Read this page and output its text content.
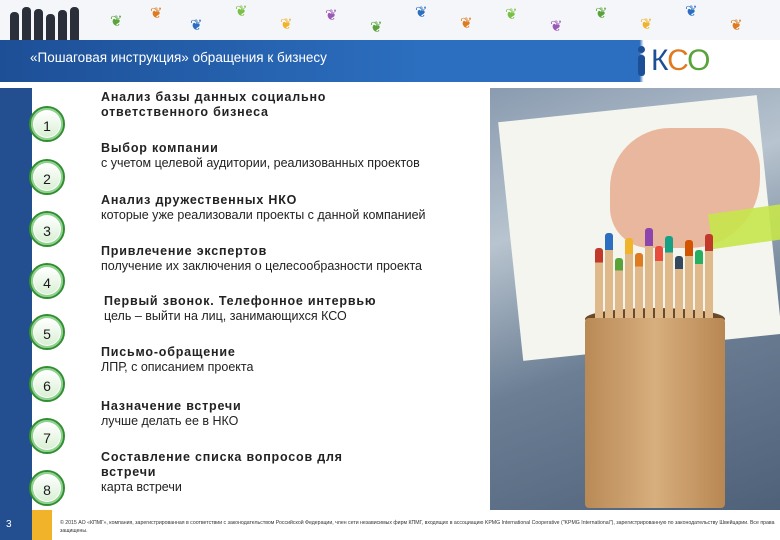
❦ ❦
❦
❦
❦
❦
❦
❦
❦
❦
❦
❦
❦
❦
❦
«Пошаговая инструкция» обращения к бизнесу	КСО
1
2
3
4
5
6
7
8
Анализ базы данных социально ответственного бизнеса
Выбор компании
с учетом целевой аудитории, реализованных проектов
Анализ дружественных НКО
которые уже реализовали проекты с данной компанией
Привлечение экспертов
получение их заключения о целесообразности проекта
Первый звонок. Телефонное интервью
цель – выйти на лиц, занимающихся КСО
Письмо-обращение
ЛПР, с описанием проекта
Назначение встречи
лучше делать ее в НКО
Составление списка вопросов для встречи
карта встречи
3	© 2015 АО «КПМГ», компания, зарегистрированная в соответствии с законодательством Российской Федерации, член сети независимых фирм КПМГ, входящих в ассоциацию KPMG International Cooperative ("KPMG International"), зарегистрированную по законодательству Швейцарии. Все права защищены.
